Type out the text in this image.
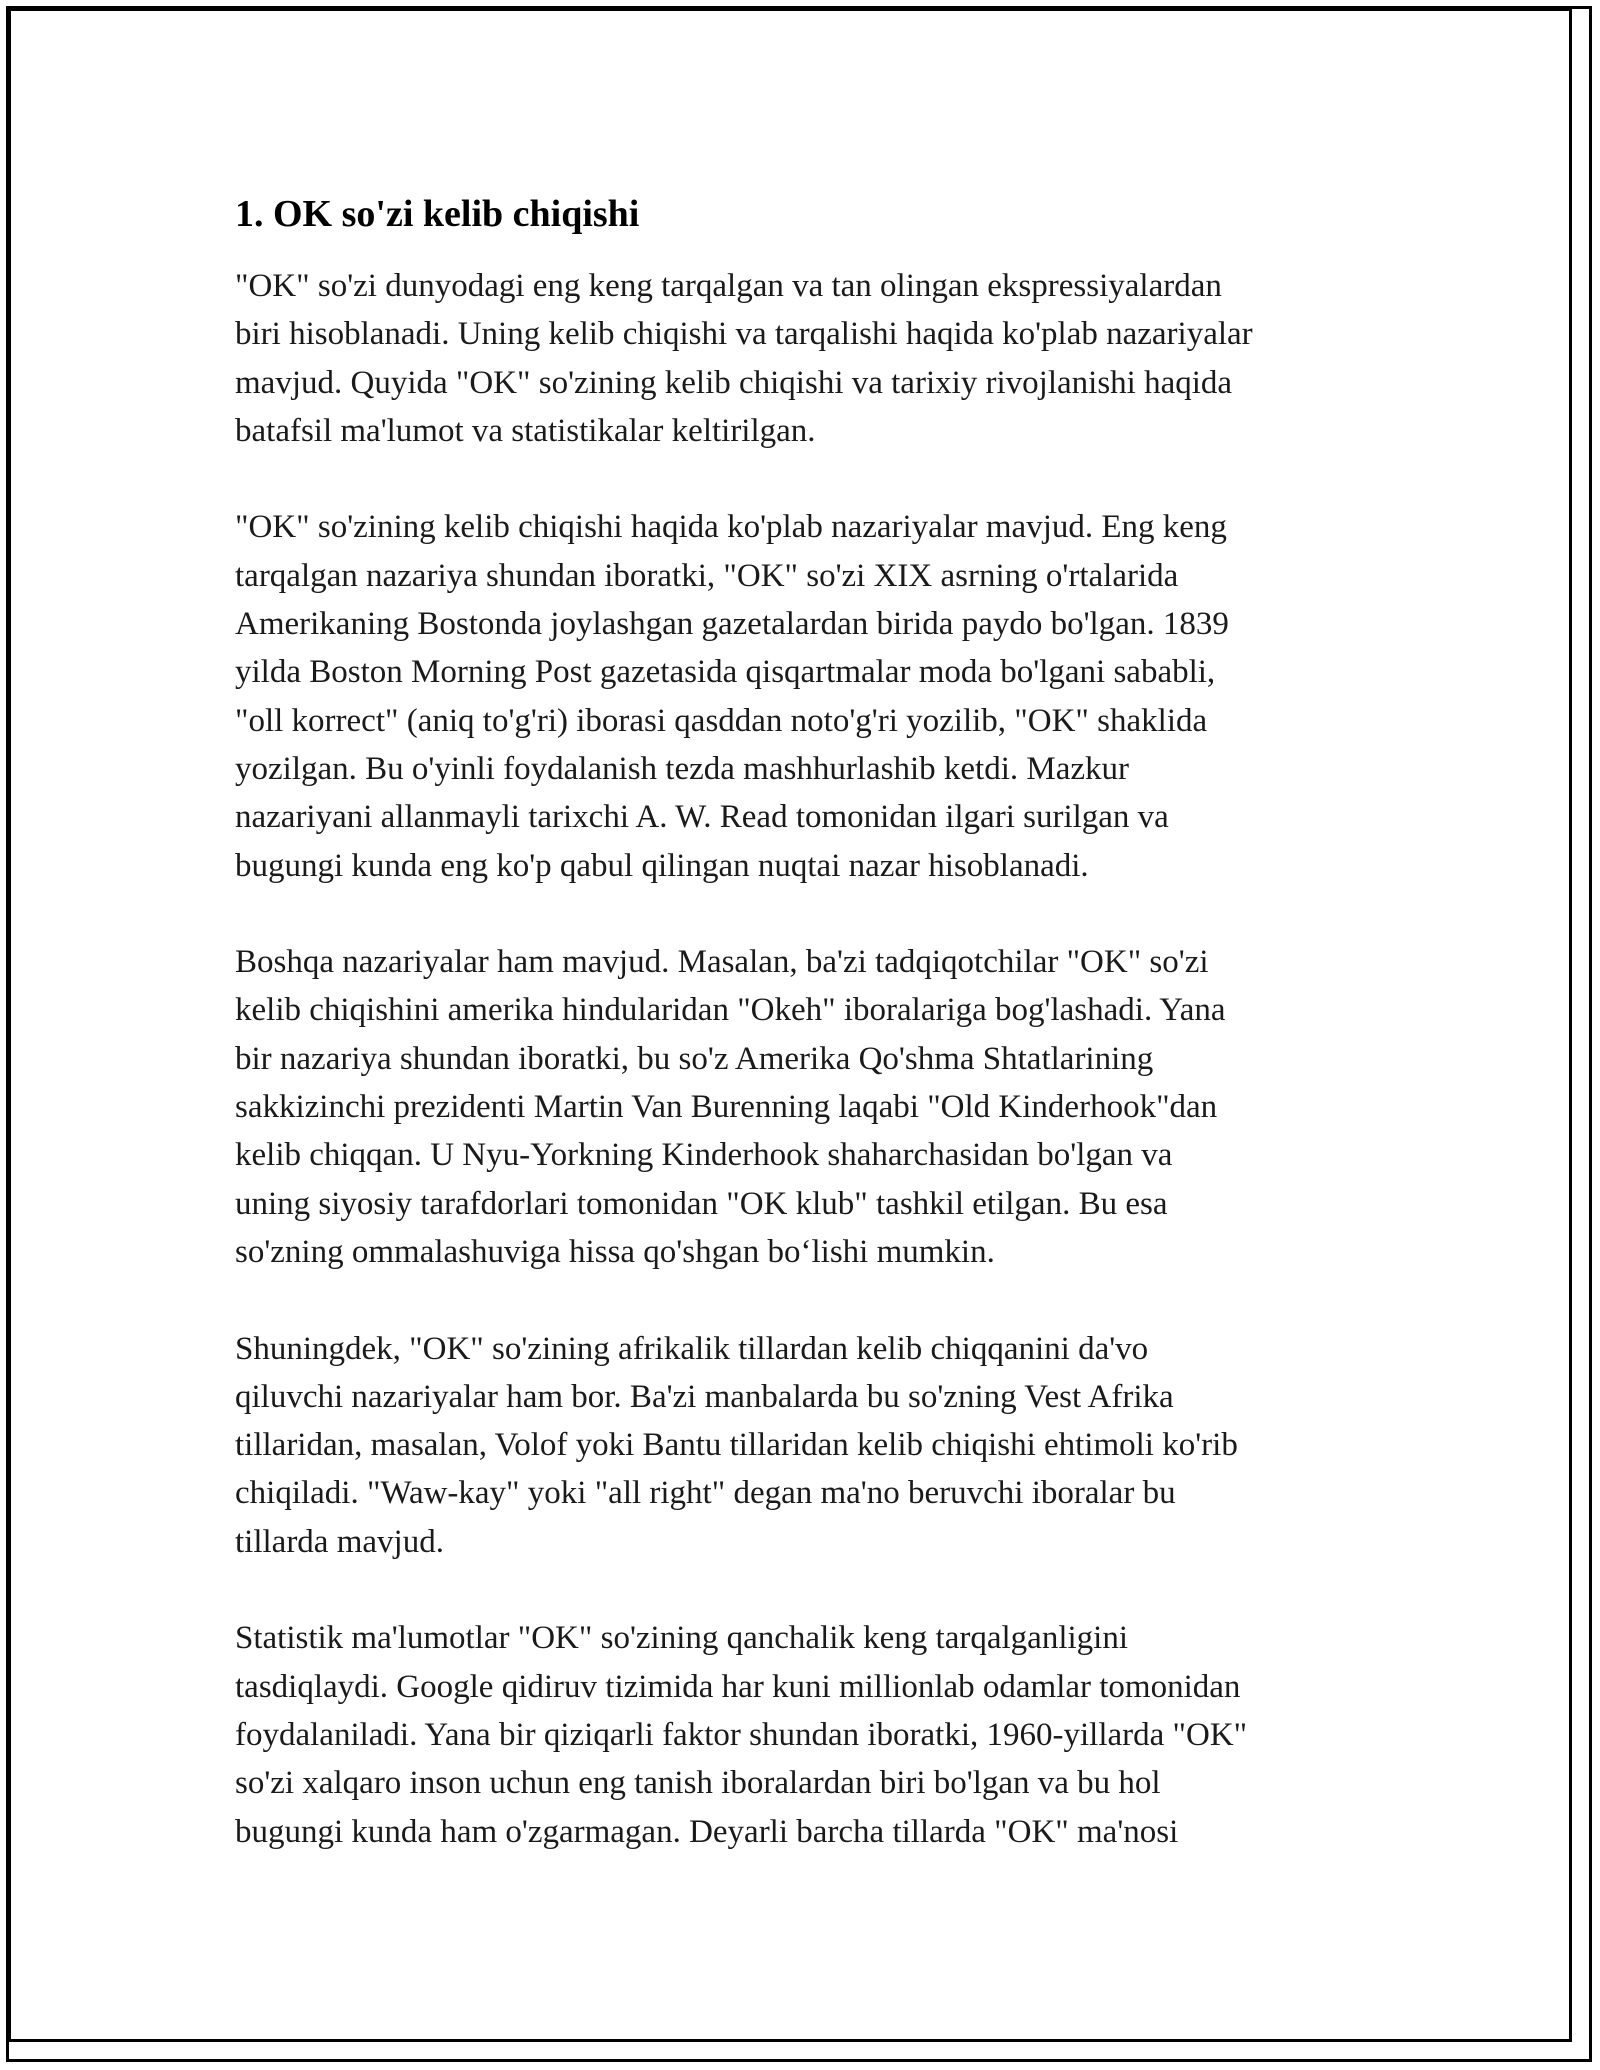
1. OK so'zi kelib chiqishi

"OK" so'zi dunyodagi eng keng tarqalgan va tan olingan ekspressiyalardan
biri hisoblanadi. Uning kelib chiqishi va tarqalishi haqida ko'plab nazariyalar
mavjud. Quyida "OK" so'zining kelib chiqishi va tarixiy rivojlanishi haqida
batafsil ma'lumot va statistikalar keltirilgan.

"OK" so'zining kelib chiqishi haqida ko'plab nazariyalar mavjud. Eng keng
tarqalgan nazariya shundan iboratki, "OK" so'zi XIX asrning o'rtalarida
Amerikaning Bostonda joylashgan gazetalardan birida paydo bo'lgan. 1839
yilda Boston Morning Post gazetasida qisqartmalar moda bo'lgani sababli,
"oll korrect" (aniq to'g'ri) iborasi qasddan noto'g'ri yozilib, "OK" shaklida
yozilgan. Bu o'yinli foydalanish tezda mashhurlashib ketdi. Mazkur
nazariyani allanmayli tarixchi A. W. Read tomonidan ilgari surilgan va
bugungi kunda eng ko'p qabul qilingan nuqtai nazar hisoblanadi.

Boshqa nazariyalar ham mavjud. Masalan, ba'zi tadqiqotchilar "OK" so'zi
kelib chiqishini amerika hindularidan "Okeh" iboralariga bog'lashadi. Yana
bir nazariya shundan iboratki, bu so'z Amerika Qo'shma Shtatlarining
sakkizinchi prezidenti Martin Van Burenning laqabi "Old Kinderhook"dan
kelib chiqqan. U Nyu-Yorkning Kinderhook shaharchasidan bo'lgan va
uning siyosiy tarafdorlari tomonidan "OK klub" tashkil etilgan. Bu esa
so'zning ommalashuviga hissa qo'shgan bo‘lishi mumkin.

Shuningdek, "OK" so'zining afrikalik tillardan kelib chiqqanini da'vo
qiluvchi nazariyalar ham bor. Ba'zi manbalarda bu so'zning Vest Afrika
tillaridan, masalan, Volof yoki Bantu tillaridan kelib chiqishi ehtimoli ko'rib
chiqiladi. "Waw-kay" yoki "all right" degan ma'no beruvchi iboralar bu
tillarda mavjud.

Statistik ma'lumotlar "OK" so'zining qanchalik keng tarqalganligini
tasdiqlaydi. Google qidiruv tizimida har kuni millionlab odamlar tomonidan
foydalaniladi. Yana bir qiziqarli faktor shundan iboratki, 1960-yillarda "OK"
so'zi xalqaro inson uchun eng tanish iboralardan biri bo'lgan va bu hol
bugungi kunda ham o'zgarmagan. Deyarli barcha tillarda "OK" ma'nosi
